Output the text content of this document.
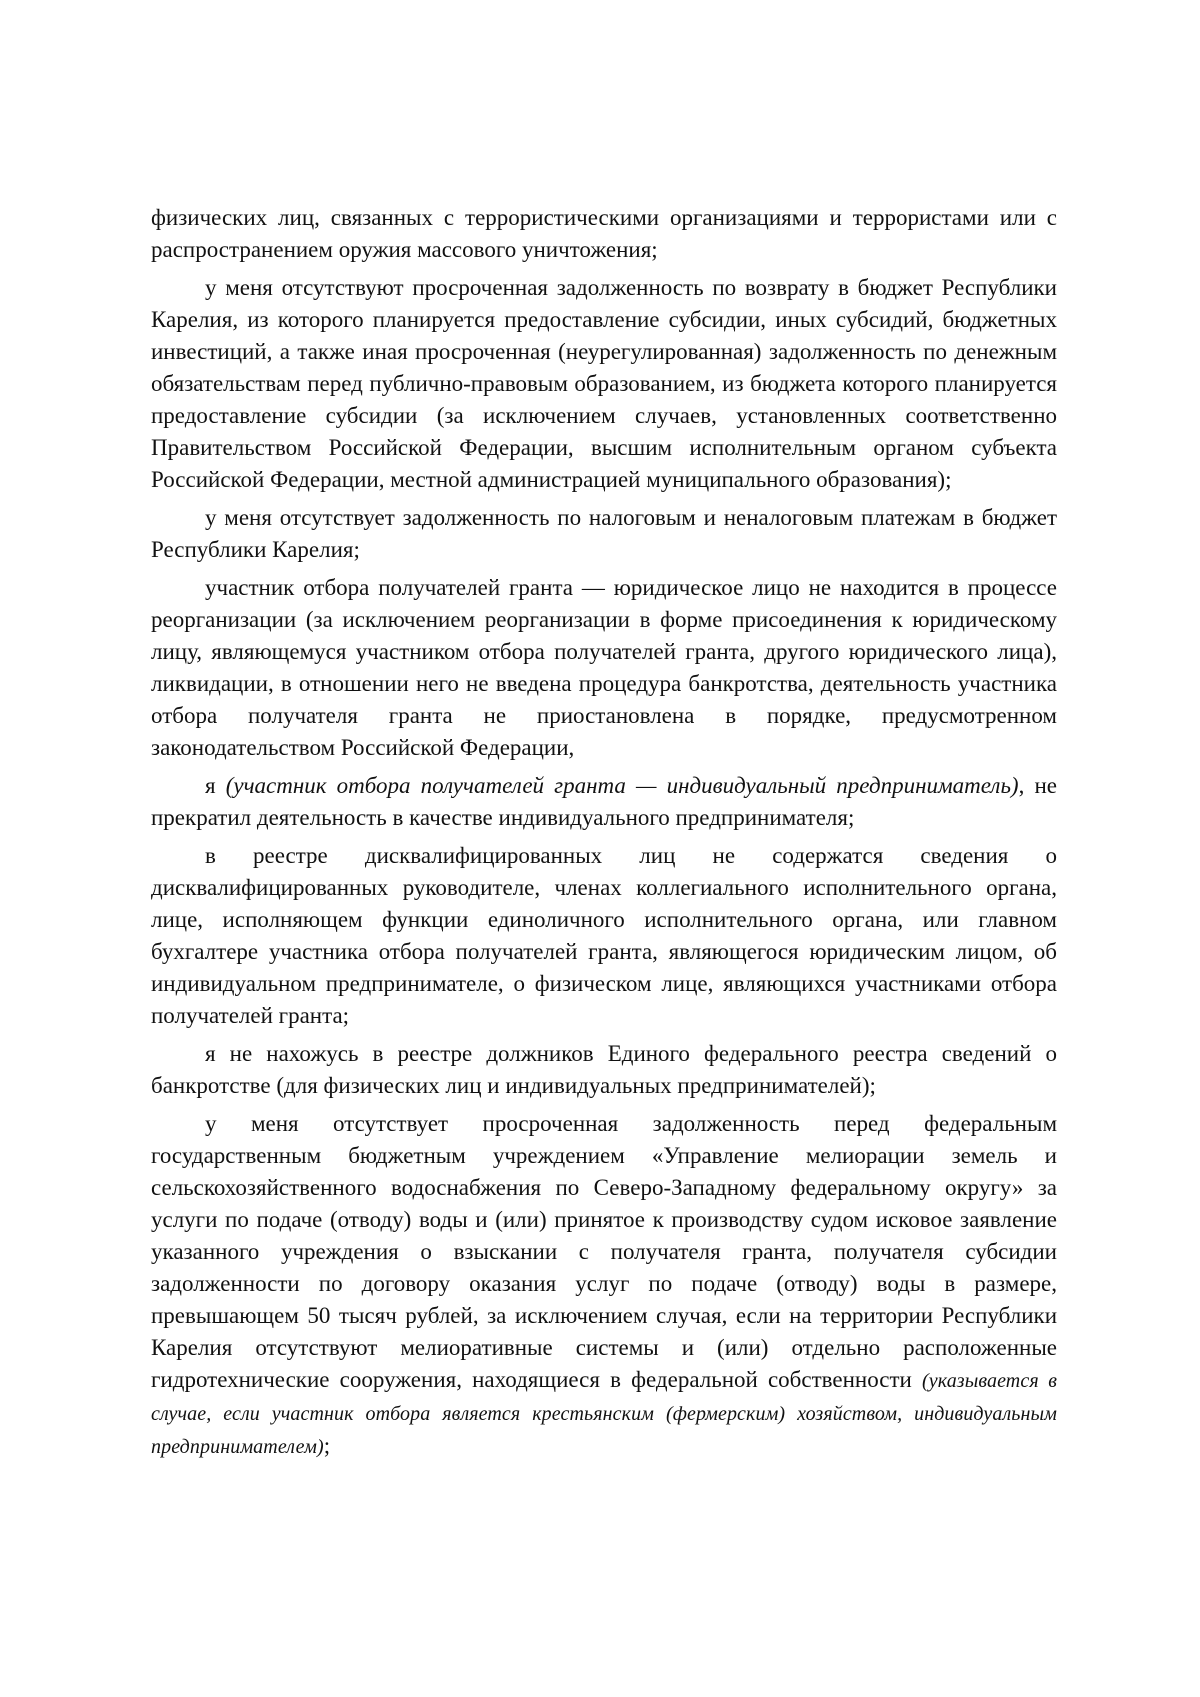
физических лиц, связанных с террористическими организациями и террористами или с распространением оружия массового уничтожения;

у меня отсутствуют просроченная задолженность по возврату в бюджет Республики Карелия, из которого планируется предоставление субсидии, иных субсидий, бюджетных инвестиций, а также иная просроченная (неурегулированная) задолженность по денежным обязательствам перед публично-правовым образованием, из бюджета которого планируется предоставление субсидии (за исключением случаев, установленных соответственно Правительством Российской Федерации, высшим исполнительным органом субъекта Российской Федерации, местной администрацией муниципального образования);

у меня отсутствует задолженность по налоговым и неналоговым платежам в бюджет Республики Карелия;

участник отбора получателей гранта — юридическое лицо не находится в процессе реорганизации (за исключением реорганизации в форме присоединения к юридическому лицу, являющемуся участником отбора получателей гранта, другого юридического лица), ликвидации, в отношении него не введена процедура банкротства, деятельность участника отбора получателя гранта не приостановлена в порядке, предусмотренном законодательством Российской Федерации,

я (участник отбора получателей гранта — индивидуальный предприниматель), не прекратил деятельность в качестве индивидуального предпринимателя;

в реестре дисквалифицированных лиц не содержатся сведения о дисквалифицированных руководителе, членах коллегиального исполнительного органа, лице, исполняющем функции единоличного исполнительного органа, или главном бухгалтере участника отбора получателей гранта, являющегося юридическим лицом, об индивидуальном предпринимателе, о физическом лице, являющихся участниками отбора получателей гранта;

я не нахожусь в реестре должников Единого федерального реестра сведений о банкротстве (для физических лиц и индивидуальных предпринимателей);

у меня отсутствует просроченная задолженность перед федеральным государственным бюджетным учреждением «Управление мелиорации земель и сельскохозяйственного водоснабжения по Северо-Западному федеральному округу» за услуги по подаче (отводу) воды и (или) принятое к производству судом исковое заявление указанного учреждения о взыскании с получателя гранта, получателя субсидии задолженности по договору оказания услуг по подаче (отводу) воды в размере, превышающем 50 тысяч рублей, за исключением случая, если на территории Республики Карелия отсутствуют мелиоративные системы и (или) отдельно расположенные гидротехнические сооружения, находящиеся в федеральной собственности (указывается в случае, если участник отбора является крестьянским (фермерским) хозяйством, индивидуальным предпринимателем);
